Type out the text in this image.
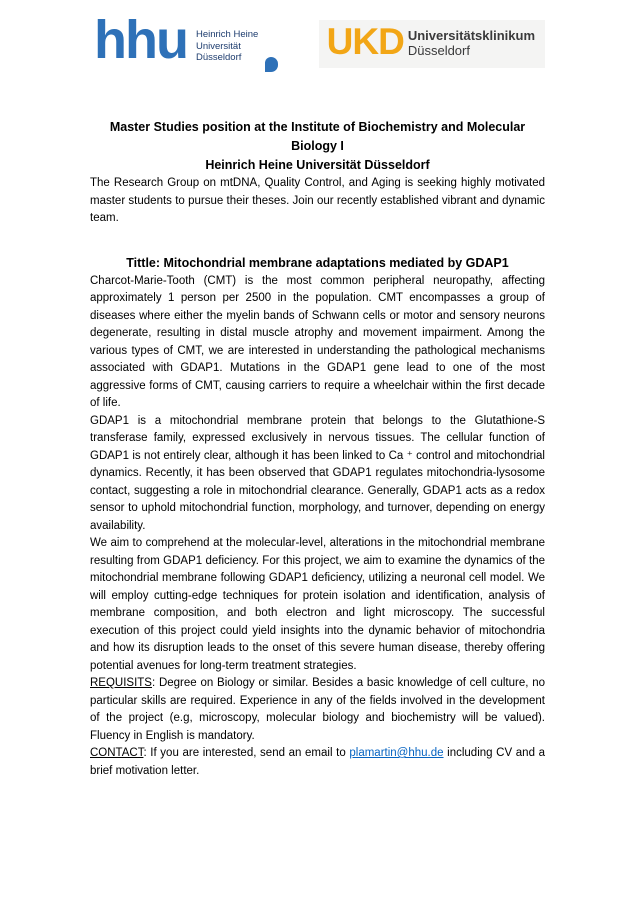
hhu Heinrich Heine
Universität
Düsseldorf	UKD Universitätsklinikum
Düsseldorf
Master Studies position at the Institute of Biochemistry and Molecular Biology I
Heinrich Heine Universität Düsseldorf

The Research Group on mtDNA, Quality Control, and Aging is seeking highly motivated master students to pursue their theses. Join our recently established vibrant and dynamic team.

Tittle: Mitochondrial membrane adaptations mediated by GDAP1

Charcot-Marie-Tooth (CMT) is the most common peripheral neuropathy, affecting approximately 1 person per 2500 in the population. CMT encompasses a group of diseases where either the myelin bands of Schwann cells or motor and sensory neurons degenerate, resulting in distal muscle atrophy and movement impairment. Among the various types of CMT, we are interested in understanding the pathological mechanisms associated with GDAP1. Mutations in the GDAP1 gene lead to one of the most aggressive forms of CMT, causing carriers to require a wheelchair within the first decade of life.

GDAP1 is a mitochondrial membrane protein that belongs to the Glutathione-S transferase family, expressed exclusively in nervous tissues. The cellular function of GDAP1 is not entirely clear, although it has been linked to Ca ⁺ control and mitochondrial dynamics. Recently, it has been observed that GDAP1 regulates mitochondria-lysosome contact, suggesting a role in mitochondrial clearance. Generally, GDAP1 acts as a redox sensor to uphold mitochondrial function, morphology, and turnover, depending on energy availability.

We aim to comprehend at the molecular-level, alterations in the mitochondrial membrane resulting from GDAP1 deficiency. For this project, we aim to examine the dynamics of the mitochondrial membrane following GDAP1 deficiency, utilizing a neuronal cell model. We will employ cutting-edge techniques for protein isolation and identification, analysis of membrane composition, and both electron and light microscopy. The successful execution of this project could yield insights into the dynamic behavior of mitochondria and how its disruption leads to the onset of this severe human disease, thereby offering potential avenues for long-term treatment strategies.

REQUISITS: Degree on Biology or similar. Besides a basic knowledge of cell culture, no particular skills are required. Experience in any of the fields involved in the development of the project (e.g, microscopy, molecular biology and biochemistry will be valued). Fluency in English is mandatory.

CONTACT: If you are interested, send an email to plamartin@hhu.de including CV and a brief motivation letter.
